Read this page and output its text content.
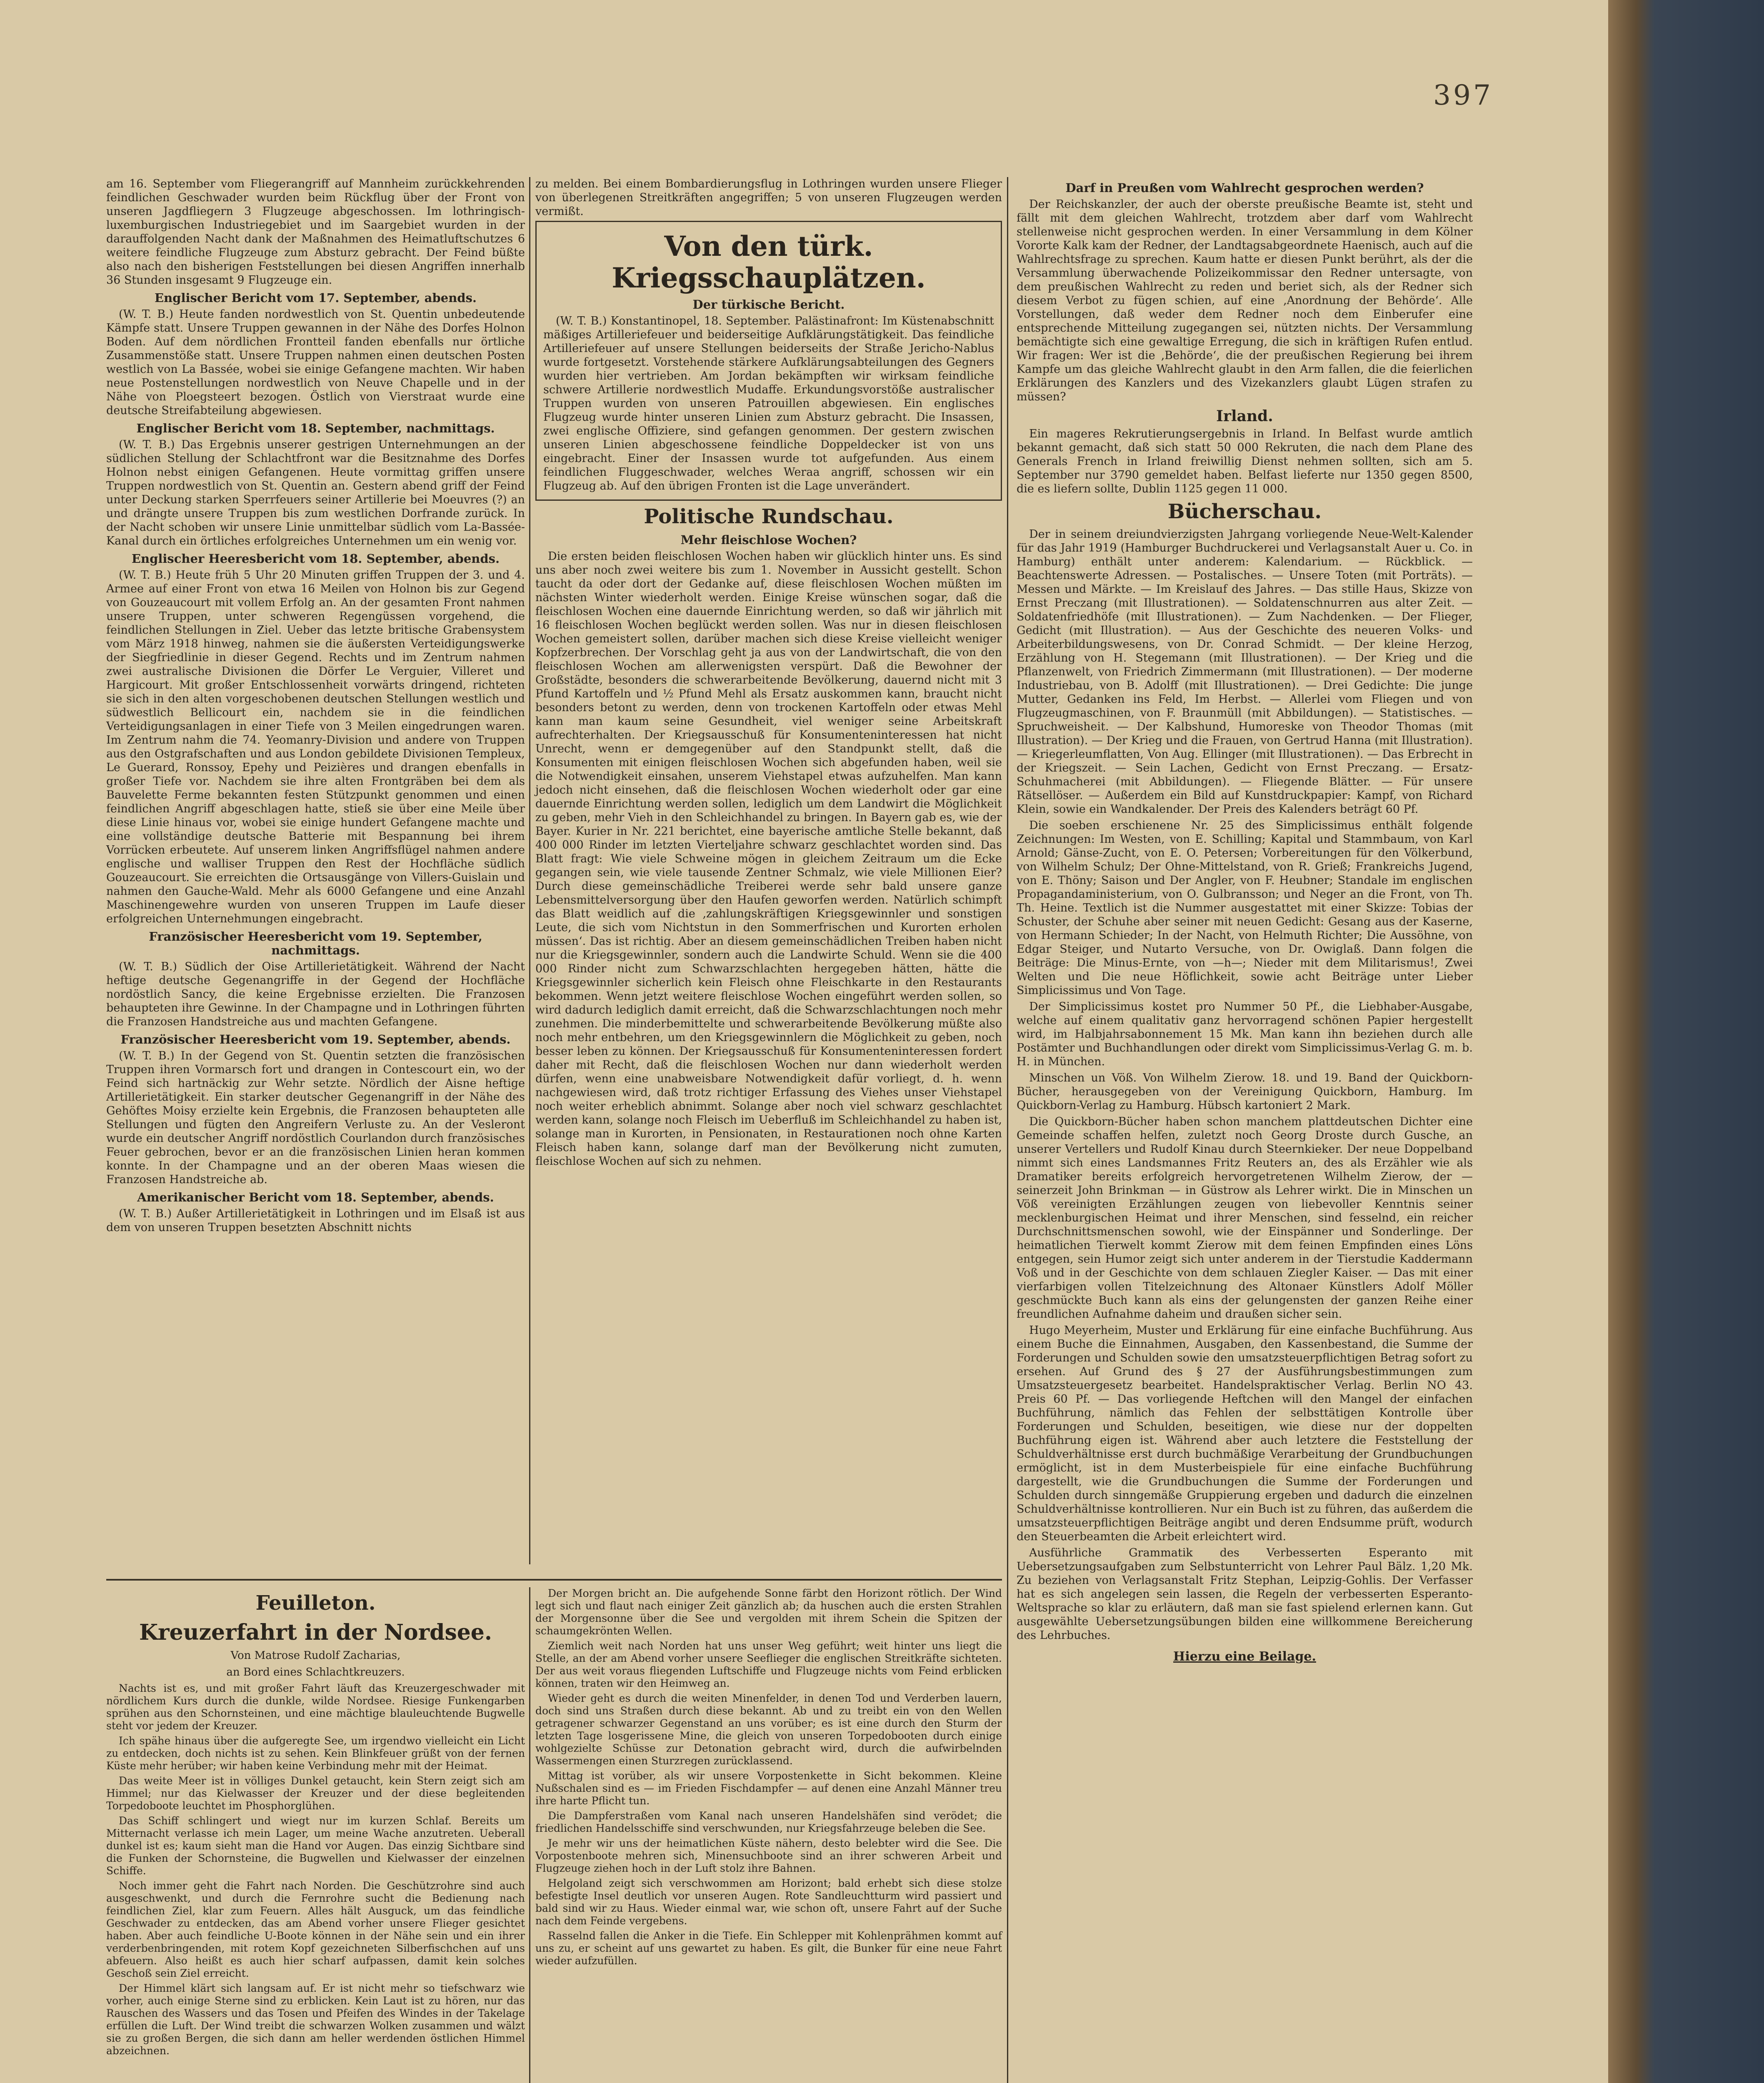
397

am 16. September vom Fliegerangriff auf Mannheim zurückkehrenden feindlichen Geschwader wurden beim Rückflug über der Front von unseren Jagdfliegern 3 Flugzeuge abgeschossen. Im lothringisch-luxemburgischen Industriegebiet und im Saargebiet wurden in der darauffolgenden Nacht dank der Maßnahmen des Heimatluftschutzes 6 weitere feindliche Flugzeuge zum Absturz gebracht. Der Feind büßte also nach den bisherigen Feststellungen bei diesen Angriffen innerhalb 36 Stunden insgesamt 9 Flugzeuge ein.

Englischer Bericht vom 17. September, abends.

(W. T. B.) Heute fanden nordwestlich von St. Quentin unbedeutende Kämpfe statt. Unsere Truppen gewannen in der Nähe des Dorfes Holnon Boden. Auf dem nördlichen Frontteil fanden ebenfalls nur örtliche Zusammenstöße statt. Unsere Truppen nahmen einen deutschen Posten westlich von La Bassée, wobei sie einige Gefangene machten. Wir haben neue Postenstellungen nordwestlich von Neuve Chapelle und in der Nähe von Ploegsteert bezogen. Östlich von Vierstraat wurde eine deutsche Streifabteilung abgewiesen.

Englischer Bericht vom 18. September, nachmittags.

(W. T. B.) Das Ergebnis unserer gestrigen Unternehmungen an der südlichen Stellung der Schlachtfront war die Besitznahme des Dorfes Holnon nebst einigen Gefangenen. Heute vormittag griffen unsere Truppen nordwestlich von St. Quentin an. Gestern abend griff der Feind unter Deckung starken Sperrfeuers seiner Artillerie bei Moeuvres (?) an und drängte unsere Truppen bis zum westlichen Dorfrande zurück. In der Nacht schoben wir unsere Linie unmittelbar südlich vom La-Bassée-Kanal durch ein örtliches erfolgreiches Unternehmen um ein wenig vor.

Englischer Heeresbericht vom 18. September, abends.

(W. T. B.) Heute früh 5 Uhr 20 Minuten griffen Truppen der 3. und 4. Armee auf einer Front von etwa 16 Meilen von Holnon bis zur Gegend von Gouzeaucourt mit vollem Erfolg an. An der gesamten Front nahmen unsere Truppen, unter schweren Regengüssen vorgehend, die feindlichen Stellungen in Ziel. Ueber das letzte britische Grabensystem vom März 1918 hinweg, nahmen sie die äußersten Verteidigungswerke der Siegfriedlinie in dieser Gegend. Rechts und im Zentrum nahmen zwei australische Divisionen die Dörfer Le Verguier, Villeret und Hargicourt. Mit großer Entschlossenheit vorwärts dringend, richteten sie sich in den alten vorgeschobenen deutschen Stellungen westlich und südwestlich Bellicourt ein, nachdem sie in die feindlichen Verteidigungsanlagen in einer Tiefe von 3 Meilen eingedrungen waren. Im Zentrum nahm die 74. Yeomanry-Division und andere von Truppen aus den Ostgrafschaften und aus London gebildete Divisionen Templeux, Le Guerard, Ronssoy, Epehy und Peizières und drangen ebenfalls in großer Tiefe vor. Nachdem sie ihre alten Frontgräben bei dem als Bauvelette Ferme bekannten festen Stützpunkt genommen und einen feindlichen Angriff abgeschlagen hatte, stieß sie über eine Meile über diese Linie hinaus vor, wobei sie einige hundert Gefangene machte und eine vollständige deutsche Batterie mit Bespannung bei ihrem Vorrücken erbeutete. Auf unserem linken Angriffsflügel nahmen andere englische und walliser Truppen den Rest der Hochfläche südlich Gouzeaucourt. Sie erreichten die Ortsausgänge von Villers-Guislain und nahmen den Gauche-Wald. Mehr als 6000 Gefangene und eine Anzahl Maschinengewehre wurden von unseren Truppen im Laufe dieser erfolgreichen Unternehmungen eingebracht.

Französischer Heeresbericht vom 19. September, nachmittags.

(W. T. B.) Südlich der Oise Artillerietätigkeit. Während der Nacht heftige deutsche Gegenangriffe in der Gegend der Hochfläche nordöstlich Sancy, die keine Ergebnisse erzielten. Die Franzosen behaupteten ihre Gewinne. In der Champagne und in Lothringen führten die Franzosen Handstreiche aus und machten Gefangene.

Französischer Heeresbericht vom 19. September, abends.

(W. T. B.) In der Gegend von St. Quentin setzten die französischen Truppen ihren Vormarsch fort und drangen in Contescourt ein, wo der Feind sich hartnäckig zur Wehr setzte. Nördlich der Aisne heftige Artillerietätigkeit. Ein starker deutscher Gegenangriff in der Nähe des Gehöftes Moisy erzielte kein Ergebnis, die Franzosen behaupteten alle Stellungen und fügten den Angreifern Verluste zu. An der Vesleront wurde ein deutscher Angriff nordöstlich Courlandon durch französisches Feuer gebrochen, bevor er an die französischen Linien heran kommen konnte. In der Champagne und an der oberen Maas wiesen die Franzosen Handstreiche ab.

Amerikanischer Bericht vom 18. September, abends.

(W. T. B.) Außer Artillerietätigkeit in Lothringen und im Elsaß ist aus dem von unseren Truppen besetzten Abschnitt nichts

zu melden. Bei einem Bombardierungsflug in Lothringen wurden unsere Flieger von überlegenen Streitkräften angegriffen; 5 von unseren Flugzeugen werden vermißt.

Von den türk. Kriegsschauplätzen.
Der türkische Bericht.

(W. T. B.) Konstantinopel, 18. September. Palästinafront: Im Küstenabschnitt mäßiges Artilleriefeuer und beiderseitige Aufklärungstätigkeit. Das feindliche Artilleriefeuer auf unsere Stellungen beiderseits der Straße Jericho-Nablus wurde fortgesetzt. Vorstehende stärkere Aufklärungsabteilungen des Gegners wurden hier vertrieben. Am Jordan bekämpften wir wirksam feindliche schwere Artillerie nordwestlich Mudaffe. Erkundungsvorstöße australischer Truppen wurden von unseren Patrouillen abgewiesen. Ein englisches Flugzeug wurde hinter unseren Linien zum Absturz gebracht. Die Insassen, zwei englische Offiziere, sind gefangen genommen. Der gestern zwischen unseren Linien abgeschossene feindliche Doppeldecker ist von uns eingebracht. Einer der Insassen wurde tot aufgefunden. Aus einem feindlichen Fluggeschwader, welches Weraa angriff, schossen wir ein Flugzeug ab. Auf den übrigen Fronten ist die Lage unverändert.

Politische Rundschau.
Mehr fleischlose Wochen?

Die ersten beiden fleischlosen Wochen haben wir glücklich hinter uns. Es sind uns aber noch zwei weitere bis zum 1. November in Aussicht gestellt. Schon taucht da oder dort der Gedanke auf, diese fleischlosen Wochen müßten im nächsten Winter wiederholt werden. Einige Kreise wünschen sogar, daß die fleischlosen Wochen eine dauernde Einrichtung werden, so daß wir jährlich mit 16 fleischlosen Wochen beglückt werden sollen. Was nur in diesen fleischlosen Wochen gemeistert sollen, darüber machen sich diese Kreise vielleicht weniger Kopfzerbrechen. Der Vorschlag geht ja aus von der Landwirtschaft, die von den fleischlosen Wochen am allerwenigsten verspürt. Daß die Bewohner der Großstädte, besonders die schwerarbeitende Bevölkerung, dauernd nicht mit 3 Pfund Kartoffeln und ½ Pfund Mehl als Ersatz auskommen kann, braucht nicht besonders betont zu werden, denn von trockenen Kartoffeln oder etwas Mehl kann man kaum seine Gesundheit, viel weniger seine Arbeitskraft aufrechterhalten. Der Kriegsausschuß für Konsumenteninteressen hat nicht Unrecht, wenn er demgegenüber auf den Standpunkt stellt, daß die Konsumenten mit einigen fleischlosen Wochen sich abgefunden haben, weil sie die Notwendigkeit einsahen, unserem Viehstapel etwas aufzuhelfen. Man kann jedoch nicht einsehen, daß die fleischlosen Wochen wiederholt oder gar eine dauernde Einrichtung werden sollen, lediglich um dem Landwirt die Möglichkeit zu geben, mehr Vieh in den Schleichhandel zu bringen. In Bayern gab es, wie der Bayer. Kurier in Nr. 221 berichtet, eine bayerische amtliche Stelle bekannt, daß 400 000 Rinder im letzten Vierteljahre schwarz geschlachtet worden sind. Das Blatt fragt: Wie viele Schweine mögen in gleichem Zeitraum um die Ecke gegangen sein, wie viele tausende Zentner Schmalz, wie viele Millionen Eier? Durch diese gemeinschädliche Treiberei werde sehr bald unsere ganze Lebensmittelversorgung über den Haufen geworfen werden. Natürlich schimpft das Blatt weidlich auf die ‚zahlungskräftigen Kriegsgewinnler und sonstigen Leute, die sich vom Nichtstun in den Sommerfrischen und Kurorten erholen müssen‘. Das ist richtig. Aber an diesem gemeinschädlichen Treiben haben nicht nur die Kriegsgewinnler, sondern auch die Landwirte Schuld. Wenn sie die 400 000 Rinder nicht zum Schwarzschlachten hergegeben hätten, hätte die Kriegsgewinnler sicherlich kein Fleisch ohne Fleischkarte in den Restaurants bekommen. Wenn jetzt weitere fleischlose Wochen eingeführt werden sollen, so wird dadurch lediglich damit erreicht, daß die Schwarzschlachtungen noch mehr zunehmen. Die minderbemittelte und schwerarbeitende Bevölkerung müßte also noch mehr entbehren, um den Kriegsgewinnlern die Möglichkeit zu geben, noch besser leben zu können. Der Kriegsausschuß für Konsumenteninteressen fordert daher mit Recht, daß die fleischlosen Wochen nur dann wiederholt werden dürfen, wenn eine unabweisbare Notwendigkeit dafür vorliegt, d. h. wenn nachgewiesen wird, daß trotz richtiger Erfassung des Viehes unser Viehstapel noch weiter erheblich abnimmt. Solange aber noch viel schwarz geschlachtet werden kann, solange noch Fleisch im Ueberfluß im Schleichhandel zu haben ist, solange man in Kurorten, in Pensionaten, in Restaurationen noch ohne Karten Fleisch haben kann, solange darf man der Bevölkerung nicht zumuten, fleischlose Wochen auf sich zu nehmen.

Darf in Preußen vom Wahlrecht gesprochen werden?

Der Reichskanzler, der auch der oberste preußische Beamte ist, steht und fällt mit dem gleichen Wahlrecht, trotzdem aber darf vom Wahlrecht stellenweise nicht gesprochen werden. In einer Versammlung in dem Kölner Vororte Kalk kam der Redner, der Landtagsabgeordnete Haenisch, auch auf die Wahlrechtsfrage zu sprechen. Kaum hatte er diesen Punkt berührt, als der die Versammlung überwachende Polizeikommissar den Redner untersagte, von dem preußischen Wahlrecht zu reden und beriet sich, als der Redner sich diesem Verbot zu fügen schien, auf eine ‚Anordnung der Behörde‘. Alle Vorstellungen, daß weder dem Redner noch dem Einberufer eine entsprechende Mitteilung zugegangen sei, nützten nichts. Der Versammlung bemächtigte sich eine gewaltige Erregung, die sich in kräftigen Rufen entlud. Wir fragen: Wer ist die ‚Behörde‘, die der preußischen Regierung bei ihrem Kampfe um das gleiche Wahlrecht glaubt in den Arm fallen, die die feierlichen Erklärungen des Kanzlers und des Vizekanzlers glaubt Lügen strafen zu müssen?

Irland.

Ein mageres Rekrutierungsergebnis in Irland. In Belfast wurde amtlich bekannt gemacht, daß sich statt 50 000 Rekruten, die nach dem Plane des Generals French in Irland freiwillig Dienst nehmen sollten, sich am 5. September nur 3790 gemeldet haben. Belfast lieferte nur 1350 gegen 8500, die es liefern sollte, Dublin 1125 gegen 11 000.

Bücherschau.

Der in seinem dreiundvierzigsten Jahrgang vorliegende Neue-Welt-Kalender für das Jahr 1919 (Hamburger Buchdruckerei und Verlagsanstalt Auer u. Co. in Hamburg) enthält unter anderem: Kalendarium. — Rückblick. — Beachtenswerte Adressen. — Postalisches. — Unsere Toten (mit Porträts). — Messen und Märkte. — Im Kreislauf des Jahres. — Das stille Haus, Skizze von Ernst Preczang (mit Illustrationen). — Soldatenschnurren aus alter Zeit. — Soldatenfriedhöfe (mit Illustrationen). — Zum Nachdenken. — Der Flieger, Gedicht (mit Illustration). — Aus der Geschichte des neueren Volks- und Arbeiterbildungswesens, von Dr. Conrad Schmidt. — Der kleine Herzog, Erzählung von H. Stegemann (mit Illustrationen). — Der Krieg und die Pflanzenwelt, von Friedrich Zimmermann (mit Illustrationen). — Der moderne Industriebau, von B. Adolff (mit Illustrationen). — Drei Gedichte: Die junge Mutter, Gedanken ins Feld, Im Herbst. — Allerlei vom Fliegen und von Flugzeugmaschinen, von F. Braunmüll (mit Abbildungen). — Statistisches. — Spruchweisheit. — Der Kalbshund, Humoreske von Theodor Thomas (mit Illustration). — Der Krieg und die Frauen, von Gertrud Hanna (mit Illustration). — Kriegerleumflatten, Von Aug. Ellinger (mit Illustrationen). — Das Erbrecht in der Kriegszeit. — Sein Lachen, Gedicht von Ernst Preczang. — Ersatz-Schuhmacherei (mit Abbildungen). — Fliegende Blätter. — Für unsere Rätsellöser. — Außerdem ein Bild auf Kunstdruckpapier: Kampf, von Richard Klein, sowie ein Wandkalender. Der Preis des Kalenders beträgt 60 Pf.

Die soeben erschienene Nr. 25 des Simplicissimus enthält folgende Zeichnungen: Im Westen, von E. Schilling; Kapital und Stammbaum, von Karl Arnold; Gänse-Zucht, von E. O. Petersen; Vorbereitungen für den Völkerbund, von Wilhelm Schulz; Der Ohne-Mittelstand, von R. Grieß; Frankreichs Jugend, von E. Thöny; Saison und Der Angler, von F. Heubner; Standale im englischen Propagandaministerium, von O. Gulbransson; und Neger an die Front, von Th. Th. Heine. Textlich ist die Nummer ausgestattet mit einer Skizze: Tobias der Schuster, der Schuhe aber seiner mit neuen Gedicht: Gesang aus der Kaserne, von Hermann Schieder; In der Nacht, von Helmuth Richter; Die Aussöhne, von Edgar Steiger, und Nutarto Versuche, von Dr. Owiglaß. Dann folgen die Beiträge: Die Minus-Ernte, von —h—; Nieder mit dem Militarismus!, Zwei Welten und Die neue Höflichkeit, sowie acht Beiträge unter Lieber Simplicissimus und Von Tage.

Der Simplicissimus kostet pro Nummer 50 Pf., die Liebhaber-Ausgabe, welche auf einem qualitativ ganz hervorragend schönen Papier hergestellt wird, im Halbjahrsabonnement 15 Mk. Man kann ihn beziehen durch alle Postämter und Buchhandlungen oder direkt vom Simplicissimus-Verlag G. m. b. H. in München.

Minschen un Vöß. Von Wilhelm Zierow. 18. und 19. Band der Quickborn-Bücher, herausgegeben von der Vereinigung Quickborn, Hamburg. Im Quickborn-Verlag zu Hamburg. Hübsch kartoniert 2 Mark.

Die Quickborn-Bücher haben schon manchem plattdeutschen Dichter eine Gemeinde schaffen helfen, zuletzt noch Georg Droste durch Gusche, an unserer Vertellers und Rudolf Kinau durch Steernkieker. Der neue Doppelband nimmt sich eines Landsmannes Fritz Reuters an, des als Erzähler wie als Dramatiker bereits erfolgreich hervorgetretenen Wilhelm Zierow, der — seinerzeit John Brinkman — in Güstrow als Lehrer wirkt. Die in Minschen un Vöß vereinigten Erzählungen zeugen von liebevoller Kenntnis seiner mecklenburgischen Heimat und ihrer Menschen, sind fesselnd, ein reicher Durchschnittsmenschen sowohl, wie der Einspänner und Sonderlinge. Der heimatlichen Tierwelt kommt Zierow mit dem feinen Empfinden eines Löns entgegen, sein Humor zeigt sich unter anderem in der Tierstudie Kaddermann Voß und in der Geschichte von dem schlauen Ziegler Kaiser. — Das mit einer vierfarbigen vollen Titelzeichnung des Altonaer Künstlers Adolf Möller geschmückte Buch kann als eins der gelungensten der ganzen Reihe einer freundlichen Aufnahme daheim und draußen sicher sein.

Hugo Meyerheim, Muster und Erklärung für eine einfache Buchführung. Aus einem Buche die Einnahmen, Ausgaben, den Kassenbestand, die Summe der Forderungen und Schulden sowie den umsatzsteuerpflichtigen Betrag sofort zu ersehen. Auf Grund des § 27 der Ausführungsbestimmungen zum Umsatzsteuergesetz bearbeitet. Handelspraktischer Verlag. Berlin NO 43. Preis 60 Pf. — Das vorliegende Heftchen will den Mangel der einfachen Buchführung, nämlich das Fehlen der selbsttätigen Kontrolle über Forderungen und Schulden, beseitigen, wie diese nur der doppelten Buchführung eigen ist. Während aber auch letztere die Feststellung der Schuldverhältnisse erst durch buchmäßige Verarbeitung der Grundbuchungen ermöglicht, ist in dem Musterbeispiele für eine einfache Buchführung dargestellt, wie die Grundbuchungen die Summe der Forderungen und Schulden durch sinngemäße Gruppierung ergeben und dadurch die einzelnen Schuldverhältnisse kontrollieren. Nur ein Buch ist zu führen, das außerdem die umsatzsteuerpflichtigen Beiträge angibt und deren Endsumme prüft, wodurch den Steuerbeamten die Arbeit erleichtert wird.

Ausführliche Grammatik des Verbesserten Esperanto mit Uebersetzungsaufgaben zum Selbstunterricht von Lehrer Paul Bälz. 1,20 Mk. Zu beziehen von Verlagsanstalt Fritz Stephan, Leipzig-Gohlis. Der Verfasser hat es sich angelegen sein lassen, die Regeln der verbesserten Esperanto-Weltsprache so klar zu erläutern, daß man sie fast spielend erlernen kann. Gut ausgewählte Uebersetzungsübungen bilden eine willkommene Bereicherung des Lehrbuches.

Hierzu eine Beilage.
Feuilleton.
Kreuzerfahrt in der Nordsee.
Von Matrose Rudolf Zacharias,
an Bord eines Schlachtkreuzers.

Nachts ist es, und mit großer Fahrt läuft das Kreuzergeschwader mit nördlichem Kurs durch die dunkle, wilde Nordsee. Riesige Funkengarben sprühen aus den Schornsteinen, und eine mächtige blauleuchtende Bugwelle steht vor jedem der Kreuzer.

Ich spähe hinaus über die aufgeregte See, um irgendwo vielleicht ein Licht zu entdecken, doch nichts ist zu sehen. Kein Blinkfeuer grüßt von der fernen Küste mehr herüber; wir haben keine Verbindung mehr mit der Heimat.

Das weite Meer ist in völliges Dunkel getaucht, kein Stern zeigt sich am Himmel; nur das Kielwasser der Kreuzer und der diese begleitenden Torpedoboote leuchtet im Phosphorglühen.

Das Schiff schlingert und wiegt nur im kurzen Schlaf. Bereits um Mitternacht verlasse ich mein Lager, um meine Wache anzutreten. Ueberall dunkel ist es; kaum sieht man die Hand vor Augen. Das einzig Sichtbare sind die Funken der Schornsteine, die Bugwellen und Kielwasser der einzelnen Schiffe.

Noch immer geht die Fahrt nach Norden. Die Geschützrohre sind auch ausgeschwenkt, und durch die Fernrohre sucht die Bedienung nach feindlichen Ziel, klar zum Feuern. Alles hält Ausguck, um das feindliche Geschwader zu entdecken, das am Abend vorher unsere Flieger gesichtet haben. Aber auch feindliche U-Boote können in der Nähe sein und ein ihrer verderbenbringenden, mit rotem Kopf gezeichneten Silberfischchen auf uns abfeuern. Also heißt es auch hier scharf aufpassen, damit kein solches Geschoß sein Ziel erreicht.

Der Himmel klärt sich langsam auf. Er ist nicht mehr so tiefschwarz wie vorher, auch einige Sterne sind zu erblicken. Kein Laut ist zu hören, nur das Rauschen des Wassers und das Tosen und Pfeifen des Windes in der Takelage erfüllen die Luft. Der Wind treibt die schwarzen Wolken zusammen und wälzt sie zu großen Bergen, die sich dann am heller werdenden östlichen Himmel abzeichnen.

Der Morgen bricht an. Die aufgehende Sonne färbt den Horizont rötlich. Der Wind legt sich und flaut nach einiger Zeit gänzlich ab; da huschen auch die ersten Strahlen der Morgensonne über die See und vergolden mit ihrem Schein die Spitzen der schaumgekrönten Wellen.

Ziemlich weit nach Norden hat uns unser Weg geführt; weit hinter uns liegt die Stelle, an der am Abend vorher unsere Seeflieger die englischen Streitkräfte sichteten. Der aus weit voraus fliegenden Luftschiffe und Flugzeuge nichts vom Feind erblicken können, traten wir den Heimweg an.

Wieder geht es durch die weiten Minenfelder, in denen Tod und Verderben lauern, doch sind uns Straßen durch diese bekannt. Ab und zu treibt ein von den Wellen getragener schwarzer Gegenstand an uns vorüber; es ist eine durch den Sturm der letzten Tage losgerissene Mine, die gleich von unseren Torpedobooten durch einige wohlgezielte Schüsse zur Detonation gebracht wird, durch die aufwirbelnden Wassermengen einen Sturzregen zurücklassend.

Mittag ist vorüber, als wir unsere Vorpostenkette in Sicht bekommen. Kleine Nußschalen sind es — im Frieden Fischdampfer — auf denen eine Anzahl Männer treu ihre harte Pflicht tun.

Die Dampferstraßen vom Kanal nach unseren Handelshäfen sind verödet; die friedlichen Handelsschiffe sind verschwunden, nur Kriegsfahrzeuge beleben die See.

Je mehr wir uns der heimatlichen Küste nähern, desto belebter wird die See. Die Vorpostenboote mehren sich, Minensuchboote sind an ihrer schweren Arbeit und Flugzeuge ziehen hoch in der Luft stolz ihre Bahnen.

Helgoland zeigt sich verschwommen am Horizont; bald erhebt sich diese stolze befestigte Insel deutlich vor unseren Augen. Rote Sandleuchtturm wird passiert und bald sind wir zu Haus. Wieder einmal war, wie schon oft, unsere Fahrt auf der Suche nach dem Feinde vergebens.

Rasselnd fallen die Anker in die Tiefe. Ein Schlepper mit Kohlenprähmen kommt auf uns zu, er scheint auf uns gewartet zu haben. Es gilt, die Bunker für eine neue Fahrt wieder aufzufüllen.
